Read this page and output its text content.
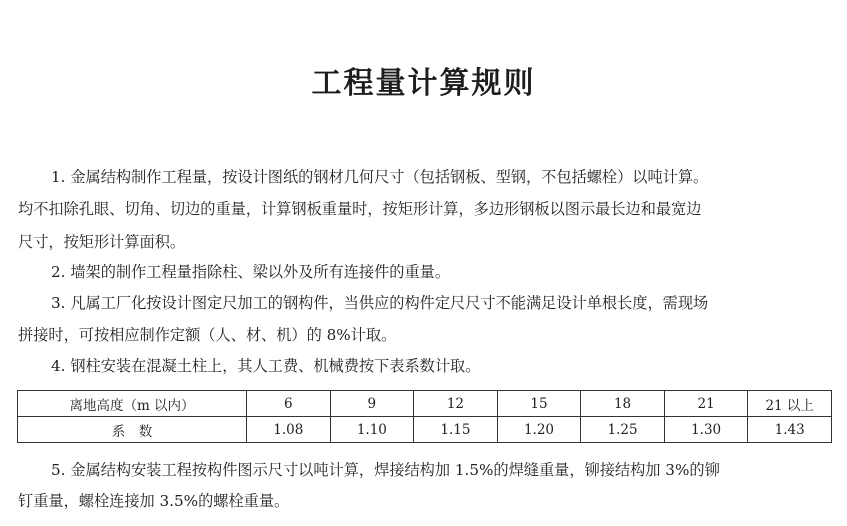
工程量计算规则
1. 金属结构制作工程量，按设计图纸的钢材几何尺寸（包括钢板、型钢，不包括螺栓）以吨计算。
均不扣除孔眼、切角、切边的重量，计算钢板重量时，按矩形计算，多边形钢板以图示最长边和最宽边
尺寸，按矩形计算面积。
2. 墙架的制作工程量指除柱、梁以外及所有连接件的重量。
3. 凡属工厂化按设计图定尺加工的钢构件，当供应的构件定尺尺寸不能满足设计单根长度，需现场
拼接时，可按相应制作定额（人、材、机）的 8%计取。
4. 钢柱安装在混凝土柱上，其人工费、机械费按下表系数计取。
离地高度（m 以内）	6	9	12	15	18	21	21 以上
系　数	1.08	1.10	1.15	1.20	1.25	1.30	1.43
5. 金属结构安装工程按构件图示尺寸以吨计算，焊接结构加 1.5%的焊缝重量，铆接结构加 3%的铆
钉重量，螺栓连接加 3.5%的螺栓重量。
